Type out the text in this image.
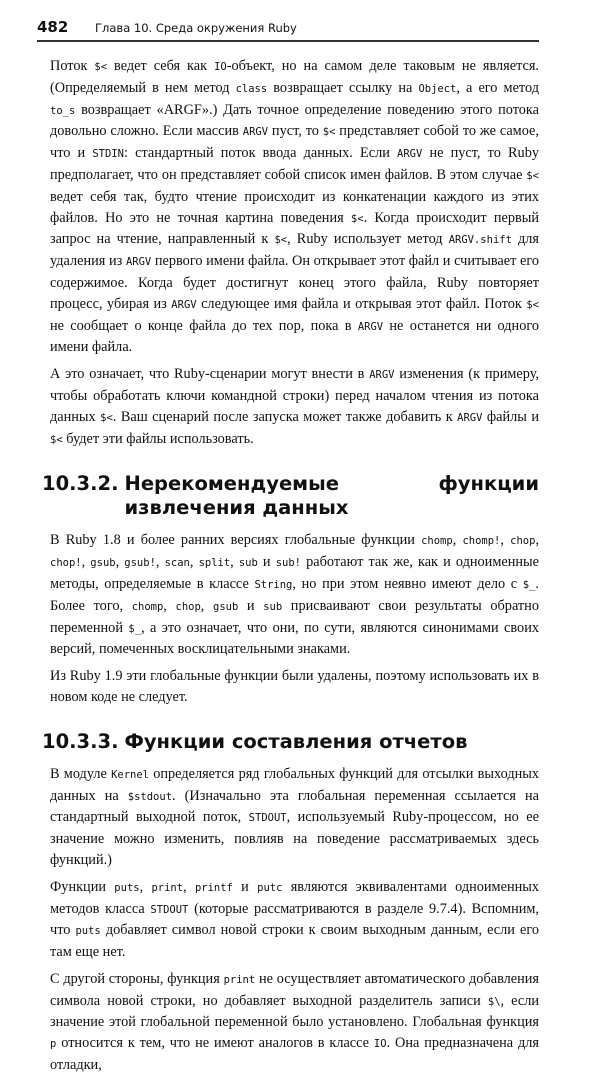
482 Глава 10. Среда окружения Ruby

Поток $< ведет себя как IO-объект, но на самом деле таковым не является. (Определяемый в нем метод class возвращает ссылку на Object, а его метод to_s возвращает «ARGF».) Дать точное определение поведению этого потока довольно сложно. Если массив ARGV пуст, то $< представляет собой то же самое, что и STDIN: стандартный поток ввода данных. Если ARGV не пуст, то Ruby предполагает, что он представляет собой список имен файлов. В этом случае $< ведет себя так, будто чтение происходит из конкатенации каждого из этих файлов. Но это не точная картина поведения $<. Когда происходит первый запрос на чтение, направленный к $<, Ruby использует метод ARGV.shift для удаления из ARGV первого имени файла. Он открывает этот файл и считывает его содержимое. Когда будет достигнут конец этого файла, Ruby повторяет процесс, убирая из ARGV следующее имя файла и открывая этот файл. Поток $< не сообщает о конце файла до тех пор, пока в ARGV не останется ни одного имени файла.

А это означает, что Ruby-сценарии могут внести в ARGV изменения (к примеру, чтобы обработать ключи командной строки) перед началом чтения из потока данных $<. Ваш сценарий после запуска может также добавить к ARGV файлы и $< будет эти файлы использовать.

10.3.2. Нерекомендуемые функции извлечения данных

В Ruby 1.8 и более ранних версиях глобальные функции chomp, chomp!, chop, chop!, gsub, gsub!, scan, split, sub и sub! работают так же, как и одноименные методы, определяемые в классе String, но при этом неявно имеют дело с $_. Более того, chomp, chop, gsub и sub присваивают свои результаты обратно переменной $_, а это означает, что они, по сути, являются синонимами своих версий, помеченных восклицательными знаками.

Из Ruby 1.9 эти глобальные функции были удалены, поэтому использовать их в новом коде не следует.

10.3.3. Функции составления отчетов

В модуле Kernel определяется ряд глобальных функций для отсылки выходных данных на $stdout. (Изначально эта глобальная переменная ссылается на стандартный выходной поток, STDOUT, используемый Ruby-процессом, но ее значение можно изменить, повлияв на поведение рассматриваемых здесь функций.)

Функции puts, print, printf и putc являются эквивалентами одноименных методов класса STDOUT (которые рассматриваются в разделе 9.7.4). Вспомним, что puts добавляет символ новой строки к своим выходным данным, если его там еще нет.

С другой стороны, функция print не осуществляет автоматического добавления символа новой строки, но добавляет выходной разделитель записи $\, если значение этой глобальной переменной было установлено. Глобальная функция p относится к тем, что не имеют аналогов в классе IO. Она предназначена для отладки,
